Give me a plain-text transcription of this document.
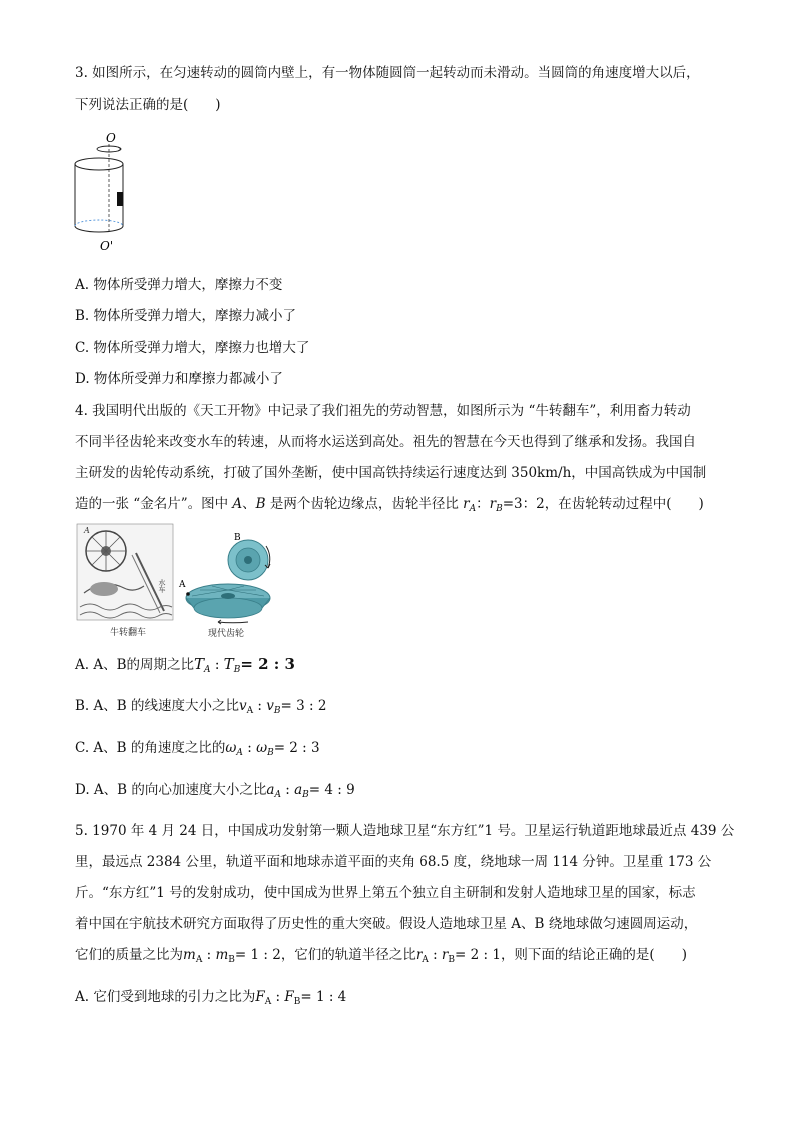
3. 如图所示，在匀速转动的圆筒内壁上，有一物体随圆筒一起转动而未滑动。当圆筒的角速度增大以后，
下列说法正确的是(　　)
O
O'
A. 物体所受弹力增大，摩擦力不变
B. 物体所受弹力增大，摩擦力减小了
C. 物体所受弹力增大，摩擦力也增大了
D. 物体所受弹力和摩擦力都减小了
4. 我国明代出版的《天工开物》中记录了我们祖先的劳动智慧，如图所示为 “牛转翻车”，利用畜力转动
不同半径齿轮来改变水车的转速，从而将水运送到高处。祖先的智慧在今天也得到了继承和发扬。我国自
主研发的齿轮传动系统，打破了国外垄断，使中国高铁持续运行速度达到 350km/h，中国高铁成为中国制
造的一张 “金名片”。图中 A、B 是两个齿轮边缘点，齿轮半径比 $r_A$：$r_B=3$：2，在齿轮转动过程中(　　)
A
水车
牛转翻车
A
B
现代齿轮
A. A、B的周期之比$T_A$ : $T_B= 2$ : 3
B. A、B 的线速度大小之比$v_A$ : $v_B= 3$ : 2
C. A、B 的角速度之比的$\omega_A$ : $\omega_B= 2$ : 3
D. A、B 的向心加速度大小之比$a_A$ : $a_B= 4$ : 9
5. 1970 年 4 月 24 日，中国成功发射第一颗人造地球卫星“东方红”1 号。卫星运行轨道距地球最近点 439 公
里，最远点 2384 公里，轨道平面和地球赤道平面的夹角 68.5 度，绕地球一周 114 分钟。卫星重 173 公
斤。“东方红”1 号的发射成功，使中国成为世界上第五个独立自主研制和发射人造地球卫星的国家，标志
着中国在宇航技术研究方面取得了历史性的重大突破。假设人造地球卫星 A、B 绕地球做匀速圆周运动，
它们的质量之比为$m_A$ : $m_B= 1$ : 2，它们的轨道半径之比$r_A$ : $r_B= 2$ : 1，则下面的结论正确的是(　　)
A. 它们受到地球的引力之比为$F_A$ : $F_B= 1$ : 4
